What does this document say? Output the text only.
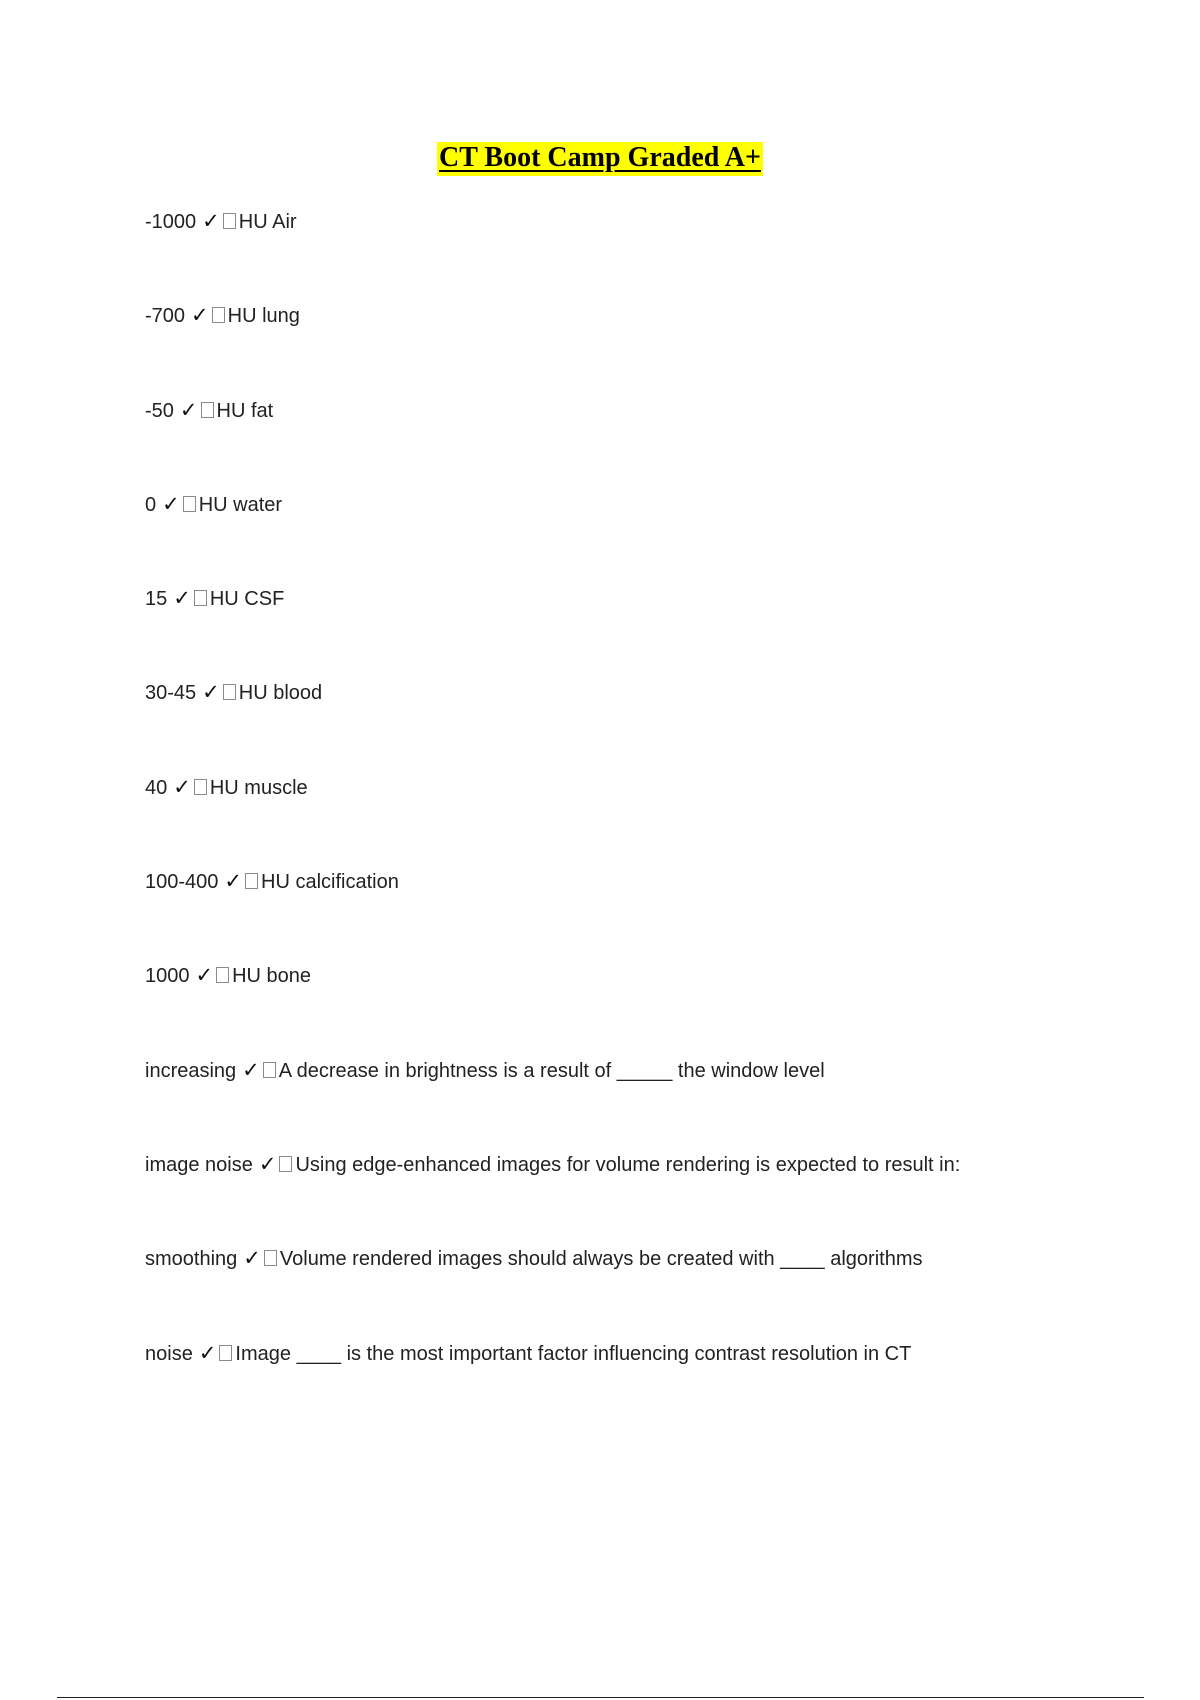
CT Boot Camp Graded A+
-1000 ✓ HU Air
-700 ✓ HU lung
-50 ✓ HU fat
0 ✓ HU water
15 ✓ HU CSF
30-45 ✓ HU blood
40 ✓ HU muscle
100-400 ✓ HU calcification
1000 ✓ HU bone
increasing ✓ A decrease in brightness is a result of _____ the window level
image noise ✓ Using edge-enhanced images for volume rendering is expected to result in:
smoothing ✓ Volume rendered images should always be created with ____ algorithms
noise ✓ Image ____ is the most important factor influencing contrast resolution in CT
